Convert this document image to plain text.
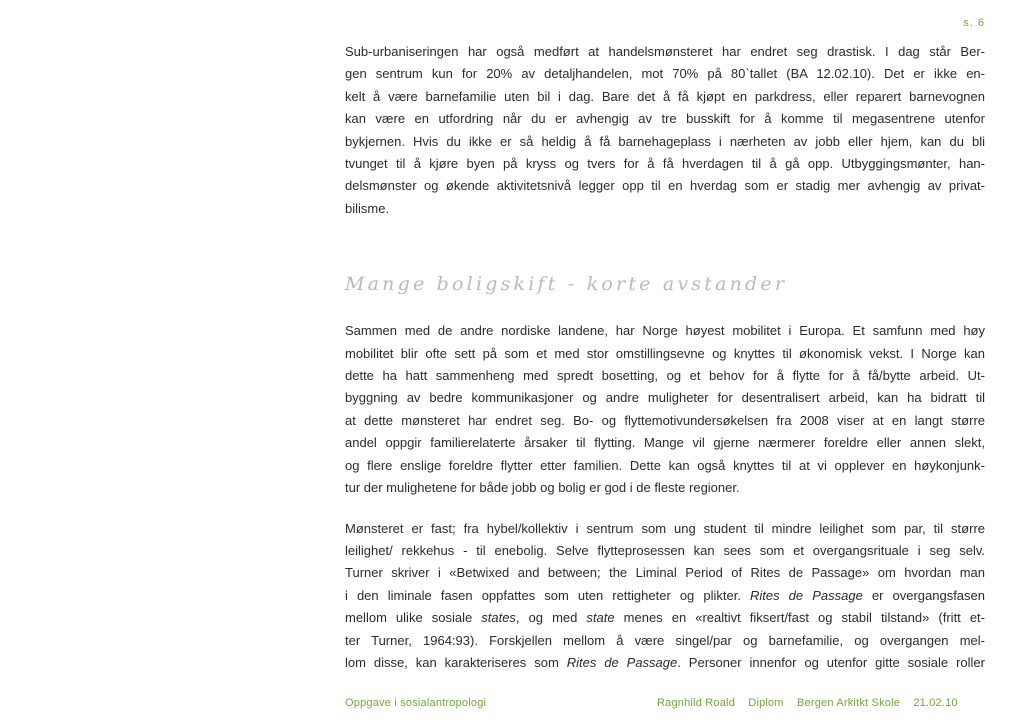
s. 6

Sub-urbaniseringen har også medført at handelsmønsteret har endret seg drastisk. I dag står Ber-
gen sentrum kun for 20% av detaljhandelen, mot 70% på 80`tallet (BA 12.02.10). Det er ikke en-
kelt å være barnefamilie uten bil i dag. Bare det å få kjøpt en parkdress, eller reparert barnevognen
kan være en utfordring når du er avhengig av tre busskift for å komme til megasentrene utenfor
bykjernen. Hvis du ikke er så heldig å få barnehageplass i nærheten av jobb eller hjem, kan du bli
tvunget til å kjøre byen på kryss og tvers for å få hverdagen til å gå opp. Utbyggingsmønter, han-
delsmønster og økende aktivitetsnivå legger opp til en hverdag som er stadig mer avhengig av privat-
bilisme.

Mange boligskift - korte avstander

Sammen med de andre nordiske landene, har Norge høyest mobilitet i Europa. Et samfunn med høy
mobilitet blir ofte sett på som et med stor omstillingsevne og knyttes til økonomisk vekst. I Norge kan
dette ha hatt sammenheng med spredt bosetting, og et behov for å flytte for å få/bytte arbeid. Ut-
byggning av bedre kommunikasjoner og andre muligheter for desentralisert arbeid, kan ha bidratt til
at dette mønsteret har endret seg. Bo- og flyttemotivundersøkelsen fra 2008 viser at en langt større
andel oppgir familierelaterte årsaker til flytting. Mange vil gjerne nærmerer foreldre eller annen slekt,
og flere enslige foreldre flytter etter familien. Dette kan også knyttes til at vi opplever en høykonjunk-
tur der mulighetene for både jobb og bolig er god i de fleste regioner.

Mønsteret er fast; fra hybel/kollektiv i sentrum som ung student til mindre leilighet som par, til større
leilighet/ rekkehus - til enebolig. Selve flytteprosessen kan sees som et overgangsrituale i seg selv.
Turner skriver i «Betwixed and between; the Liminal Period of Rites de Passage» om hvordan man
i den liminale fasen oppfattes som uten rettigheter og plikter. Rites de Passage er overgangsfasen
mellom ulike sosiale states, og med state menes en «realtivt fiksert/fast og stabil tilstand» (fritt et-
ter Turner, 1964:93). Forskjellen mellom å være singel/par og barnefamilie, og overgangen mel-
lom disse, kan karakteriseres som Rites de Passage. Personer innenfor og utenfor gitte sosiale roller

Oppgave i sosialantropologi	Ragnhild Roald Diplom Bergen Arkitkt Skole 21.02.10
